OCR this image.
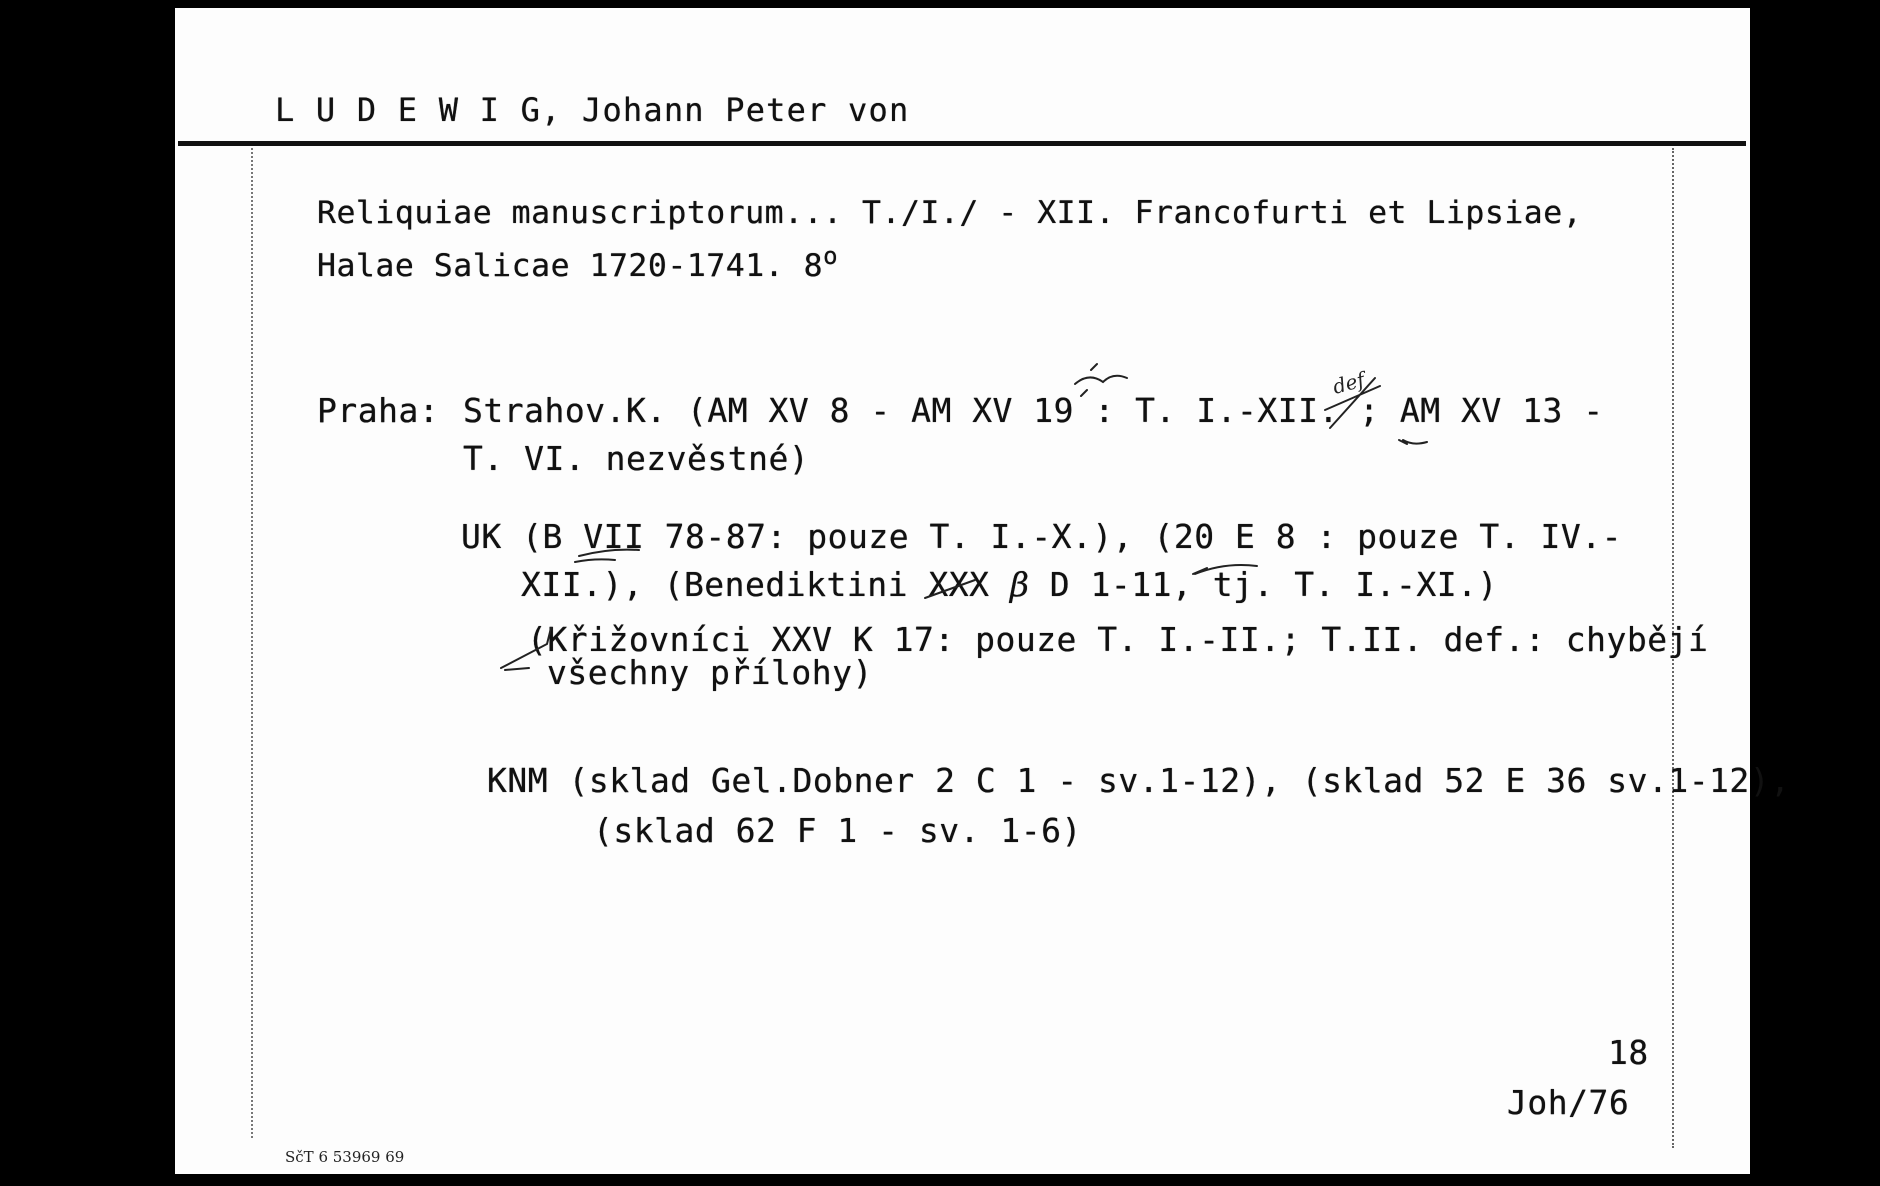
L U D E W I G, Johann Peter von
Reliquiae manuscriptorum... T./I./ - XII. Francofurti et Lipsiae,
Halae Salicae 1720-1741. 8$^o$
Praha: Strahov.K. (AM XV 8 - AM XV 19 : T. I.-XII. ; AM XV 13 -
T. VI. nezvěstné)
UK (B VII 78-87: pouze T. I.-X.), (20 E 8 : pouze T. IV.-
XII.), (Benediktini XXX β D 1-11, tj. T. I.-XI.)
(Křižovníci XXV K 17: pouze T. I.-II.; T.II. def.: chybějí
všechny přílohy)
KNM (sklad Gel.Dobner 2 C 1 - sv.1-12), (sklad 52 E 36 sv.1-12),
(sklad 62 F 1 - sv. 1-6)
18
Joh/76
SčT 6 53969 69
def
